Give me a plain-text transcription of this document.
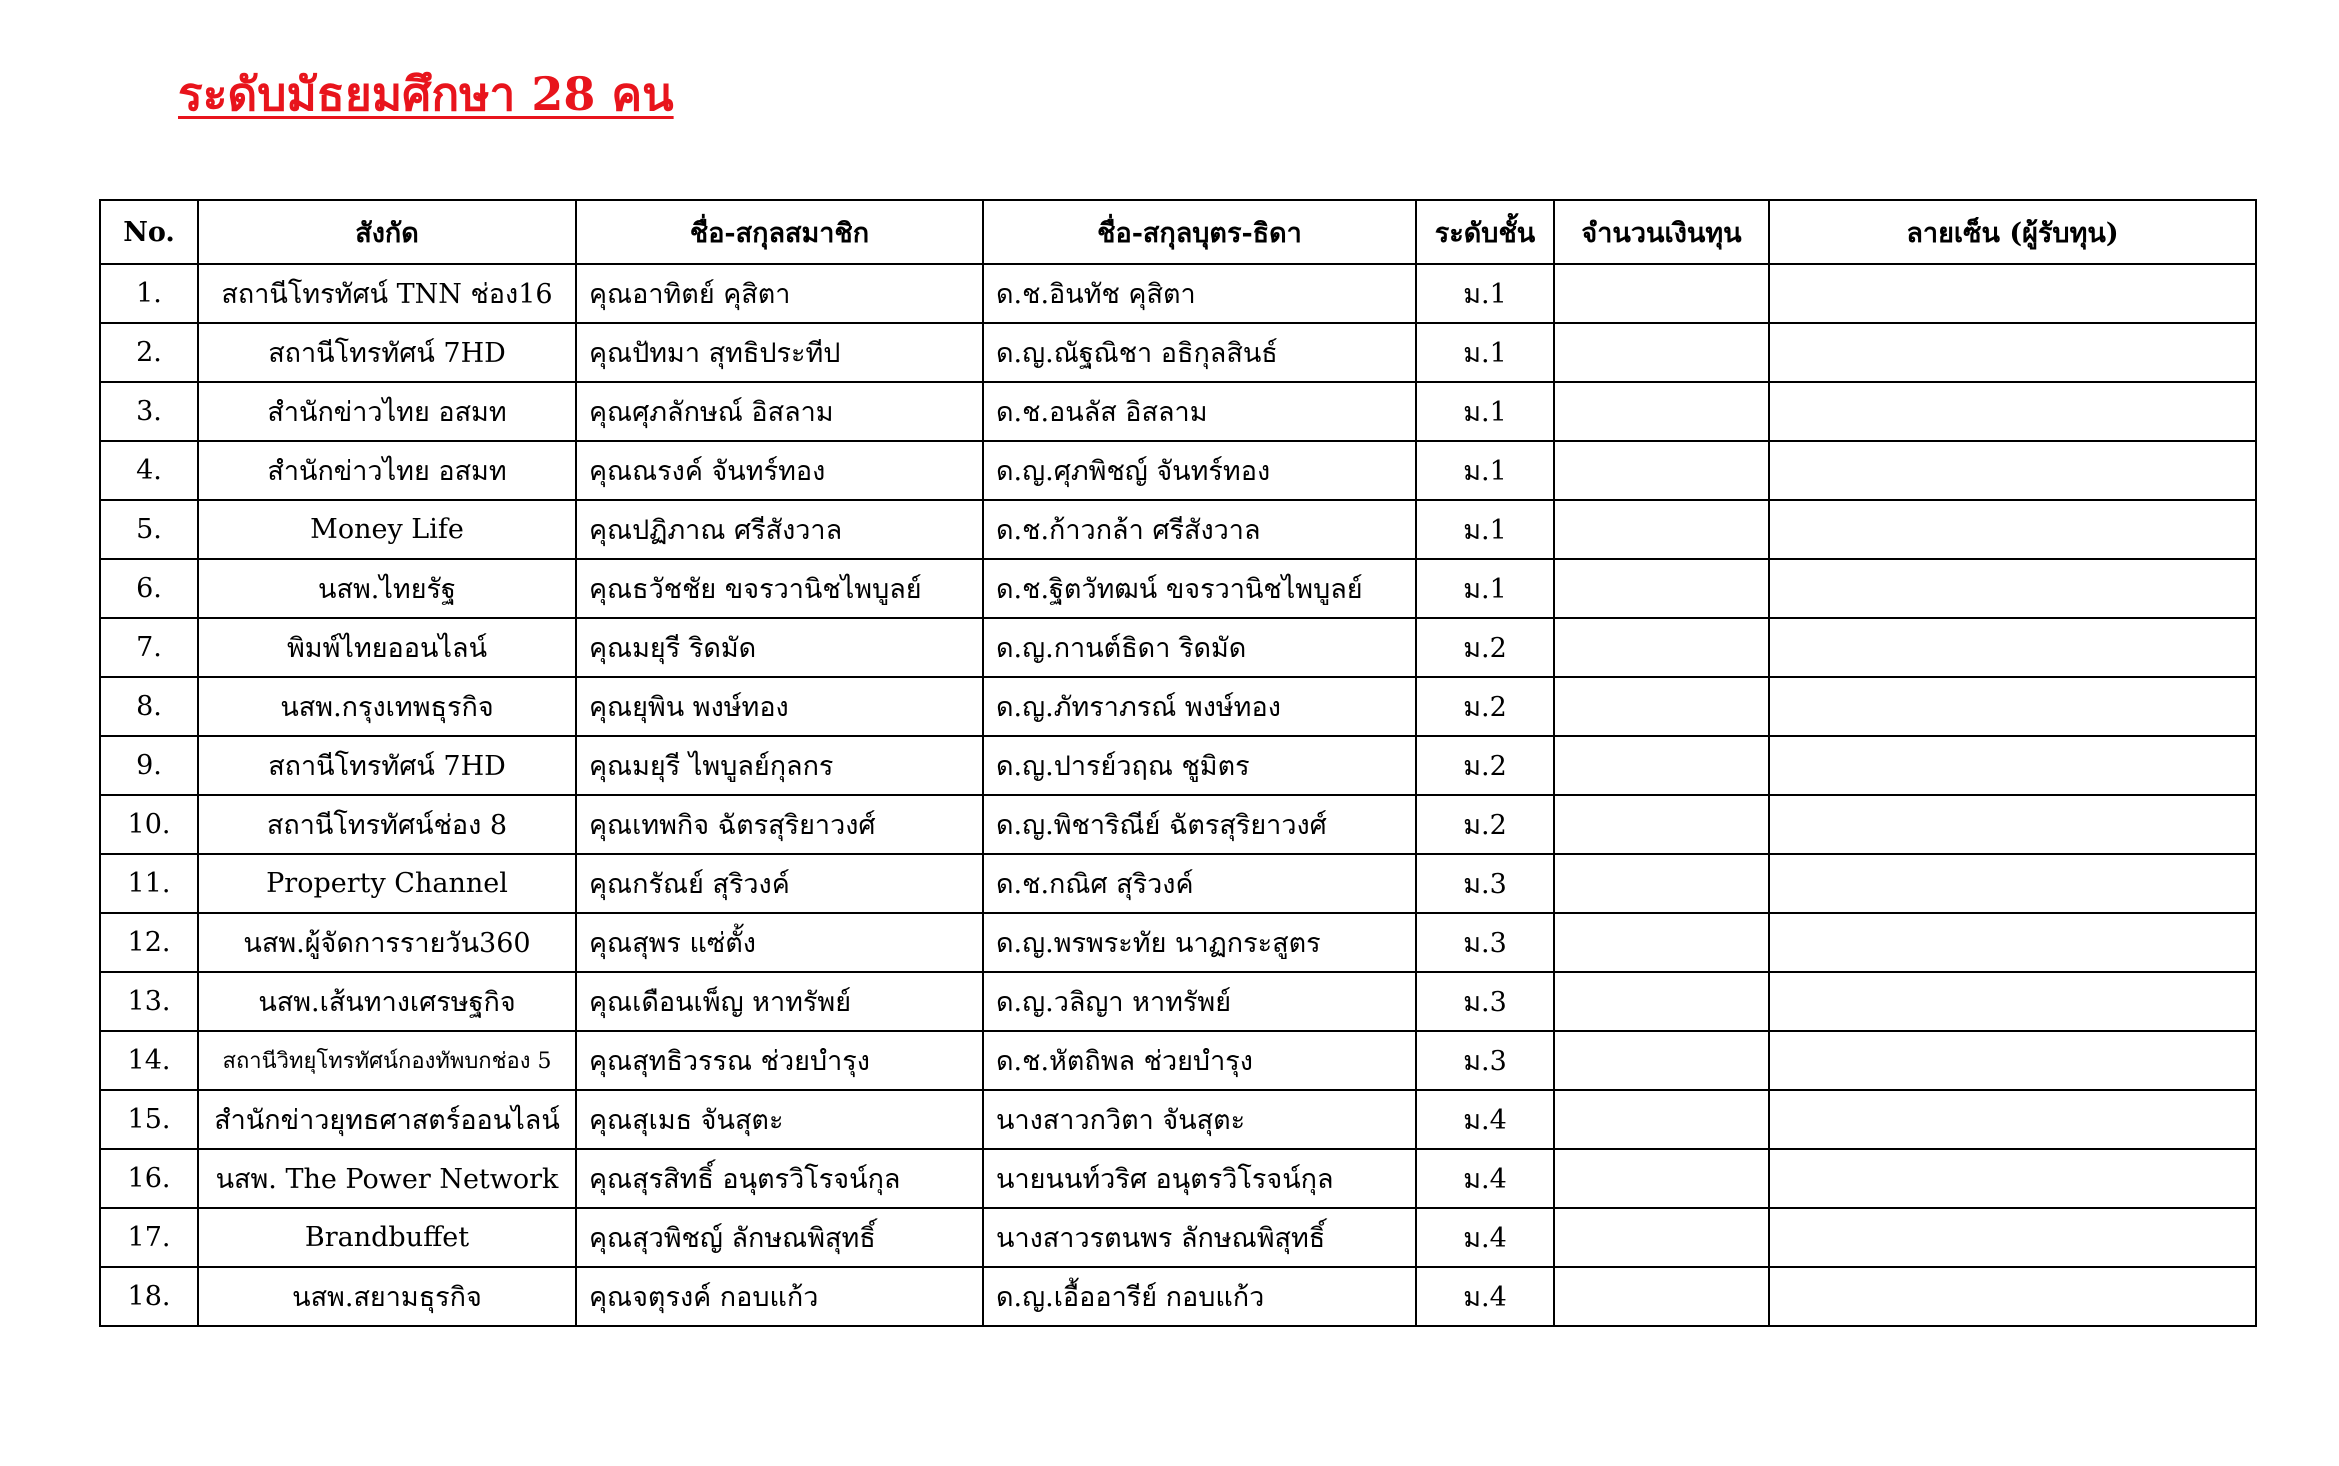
ระดับมัธยมศึกษา 28 คน
No.	สังกัด	ชื่อ-สกุลสมาชิก	ชื่อ-สกุลบุตร-ธิดา	ระดับชั้น	จำนวนเงินทุน	ลายเซ็น (ผู้รับทุน)
1.	สถานีโทรทัศน์ TNN ช่อง16	คุณอาทิตย์ คุสิตา	ด.ช.อินทัช คุสิตา	ม.1		
2.	สถานีโทรทัศน์ 7HD	คุณปัทมา สุทธิประทีป	ด.ญ.ณัฐณิชา อธิกุลสินธ์	ม.1		
3.	สำนักข่าวไทย อสมท	คุณศุภลักษณ์ อิสลาม	ด.ช.อนลัส อิสลาม	ม.1		
4.	สำนักข่าวไทย อสมท	คุณณรงค์ จันทร์ทอง	ด.ญ.ศุภพิชญ์ จันทร์ทอง	ม.1		
5.	Money Life	คุณปฏิภาณ ศรีสังวาล	ด.ช.ก้าวกล้า ศรีสังวาล	ม.1		
6.	นสพ.ไทยรัฐ	คุณธวัชชัย ขจรวานิชไพบูลย์	ด.ช.ฐิตวัทฒน์ ขจรวานิชไพบูลย์	ม.1		
7.	พิมพ์ไทยออนไลน์	คุณมยุรี ริดมัด	ด.ญ.กานต์ธิดา ริดมัด	ม.2		
8.	นสพ.กรุงเทพธุรกิจ	คุณยุพิน พงษ์ทอง	ด.ญ.ภัทราภรณ์ พงษ์ทอง	ม.2		
9.	สถานีโทรทัศน์ 7HD	คุณมยุรี ไพบูลย์กุลกร	ด.ญ.ปารย์วฤณ ชูมิตร	ม.2		
10.	สถานีโทรทัศน์ช่อง 8	คุณเทพกิจ ฉัตรสุริยาวงศ์	ด.ญ.พิชาริณีย์ ฉัตรสุริยาวงศ์	ม.2		
11.	Property Channel	คุณกรัณย์ สุริวงค์	ด.ช.กณิศ สุริวงค์	ม.3		
12.	นสพ.ผู้จัดการรายวัน360	คุณสุพร แซ่ตั้ง	ด.ญ.พรพระทัย นาฏกระสูตร	ม.3		
13.	นสพ.เส้นทางเศรษฐกิจ	คุณเดือนเพ็ญ หาทรัพย์	ด.ญ.วลิญา หาทรัพย์	ม.3		
14.	สถานีวิทยุโทรทัศน์กองทัพบกช่อง 5	คุณสุทธิวรรณ ช่วยบำรุง	ด.ช.หัตถิพล ช่วยบำรุง	ม.3		
15.	สำนักข่าวยุทธศาสตร์ออนไลน์	คุณสุเมธ จันสุตะ	นางสาวกวิตา จันสุตะ	ม.4		
16.	นสพ. The Power Network	คุณสุรสิทธิ์ อนุตรวิโรจน์กุล	นายนนท์วริศ อนุตรวิโรจน์กุล	ม.4		
17.	Brandbuffet	คุณสุวพิชญ์ ลักษณพิสุทธิ์	นางสาวรตนพร ลักษณพิสุทธิ์	ม.4		
18.	นสพ.สยามธุรกิจ	คุณจตุรงค์ กอบแก้ว	ด.ญ.เอื้ออารีย์ กอบแก้ว	ม.4		
